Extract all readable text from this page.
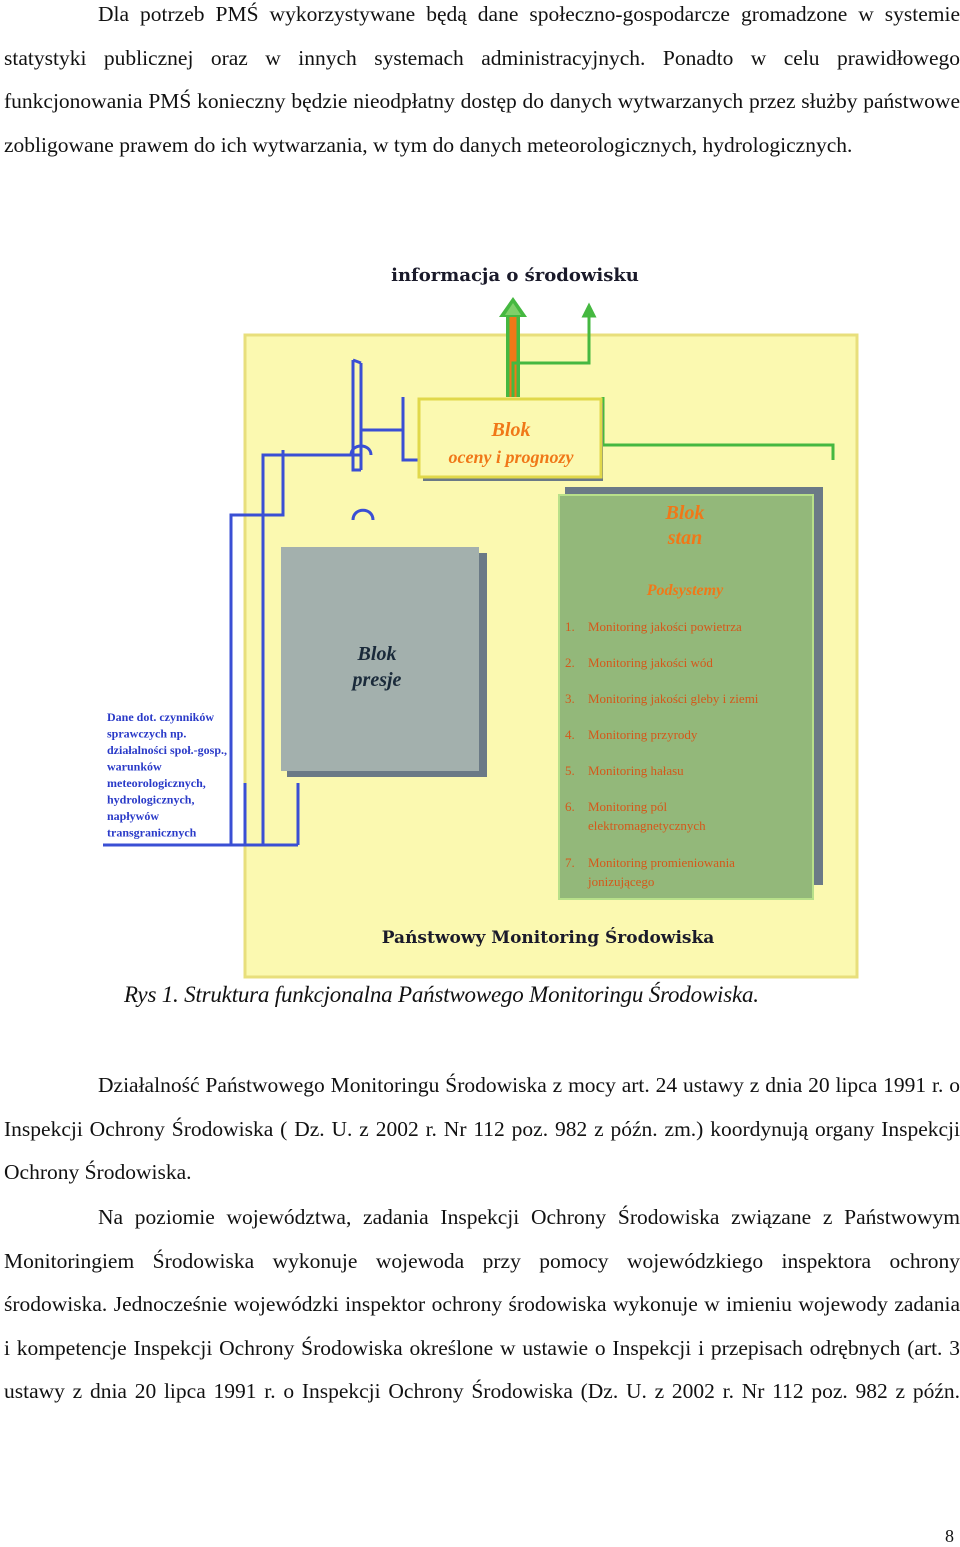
Dla potrzeb PMŚ wykorzystywane będą dane społeczno-gospodarcze gromadzone w systemie statystyki publicznej oraz w innych systemach administracyjnych. Ponadto w celu prawidłowego funkcjonowania PMŚ konieczny będzie nieodpłatny dostęp do danych wytwarzanych przez służby państwowe zobligowane prawem do ich wytwarzania, w tym do danych meteorologicznych, hydrologicznych.

informacja o środowisku
Blok
oceny i prognozy
Blok
presje
Blok
stan
Podsystemy
1. Monitoring jakości powietrza
2. Monitoring jakości wód
3. Monitoring jakości gleby i ziemi
4. Monitoring przyrody
5. Monitoring hałasu
6. Monitoring pól
elektromagnetycznych
7. Monitoring promieniowania
jonizującego
Dane dot. czynników
sprawczych np.
działalności społ.-gosp.,
warunków
meteorologicznych,
hydrologicznych,
napływów
transgranicznych
Państwowy Monitoring Środowiska

Rys 1. Struktura funkcjonalna Państwowego Monitoringu Środowiska.

Działalność Państwowego Monitoringu Środowiska z mocy art. 24 ustawy z dnia 20 lipca 1991 r. o Inspekcji Ochrony Środowiska ( Dz. U. z 2002 r. Nr 112 poz. 982 z późn. zm.) koordynują organy Inspekcji Ochrony Środowiska.

Na poziomie województwa, zadania Inspekcji Ochrony Środowiska związane z Państwowym Monitoringiem Środowiska wykonuje wojewoda przy pomocy wojewódzkiego inspektora ochrony środowiska. Jednocześnie wojewódzki inspektor ochrony środowiska wykonuje w imieniu wojewody zadania i kompetencje Inspekcji Ochrony Środowiska określone w ustawie o Inspekcji i przepisach odrębnych (art. 3 ustawy z dnia 20 lipca 1991 r. o Inspekcji Ochrony Środowiska (Dz. U. z 2002 r. Nr 112 poz. 982 z późn.

8
